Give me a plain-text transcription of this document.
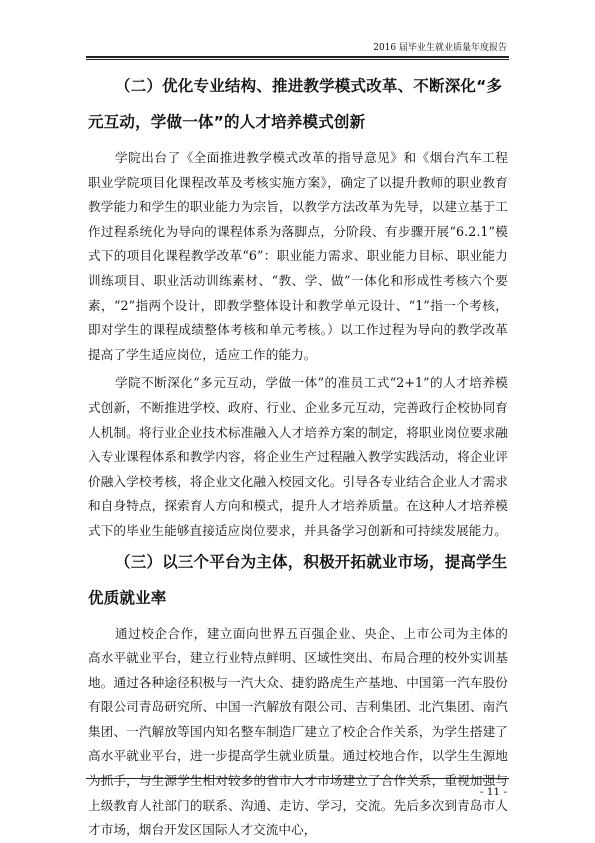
2016 届毕业生就业质量年度报告

（二）优化专业结构、推进教学模式改革、不断深化“多元互动，学做一体”的人才培养模式创新

学院出台了《全面推进教学模式改革的指导意见》和《烟台汽车工程职业学院项目化课程改革及考核实施方案》，确定了以提升教师的职业教育教学能力和学生的职业能力为宗旨，以教学方法改革为先导，以建立基于工作过程系统化为导向的课程体系为落脚点，分阶段、有步骤开展“6.2.1”模式下的项目化课程教学改革“6”：职业能力需求、职业能力目标、职业能力训练项目、职业活动训练素材、“教、学、做”一体化和形成性考核六个要素，“2”指两个设计，即教学整体设计和教学单元设计、“1”指一个考核，即对学生的课程成绩整体考核和单元考核。）以工作过程为导向的教学改革提高了学生适应岗位，适应工作的能力。

学院不断深化“多元互动，学做一体”的准员工式“2+1”的人才培养模式创新，不断推进学校、政府、行业、企业多元互动，完善政行企校协同育人机制。将行业企业技术标准融入人才培养方案的制定，将职业岗位要求融入专业课程体系和教学内容，将企业生产过程融入教学实践活动，将企业评价融入学校考核，将企业文化融入校园文化。引导各专业结合企业人才需求和自身特点，探索育人方向和模式，提升人才培养质量。在这种人才培养模式下的毕业生能够直接适应岗位要求，并具备学习创新和可持续发展能力。

（三）以三个平台为主体，积极开拓就业市场，提高学生优质就业率

通过校企合作，建立面向世界五百强企业、央企、上市公司为主体的高水平就业平台，建立行业特点鲜明、区域性突出、布局合理的校外实训基地。通过各种途径积极与一汽大众、捷豹路虎生产基地、中国第一汽车股份有限公司青岛研究所、中国一汽解放有限公司、吉利集团、北汽集团、南汽集团、一汽解放等国内知名整车制造厂建立了校企合作关系，为学生搭建了高水平就业平台，进一步提高学生就业质量。通过校地合作，以学生生源地为抓手，与生源学生相对较多的省市人才市场建立了合作关系，重视加强与上级教育人社部门的联系、沟通、走访、学习，交流。先后多次到青岛市人才市场，烟台开发区国际人才交流中心，

- 11 -
